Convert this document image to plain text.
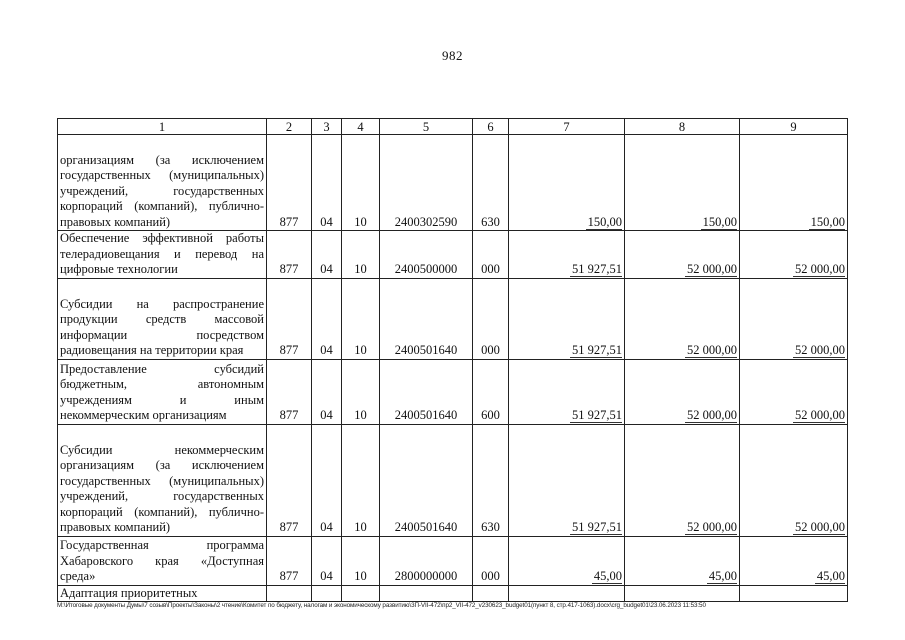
982
1	2	3	4	5	6	7	8	9
организациям (за исключением государственных (муниципальных) учреждений, государственных корпораций (компаний), публично-правовых компаний)	877	04	10	2400302590	630	150,00	150,00	150,00
Обеспечение эффективной работы телерадиовещания и перевод на цифровые технологии	877	04	10	2400500000	000	51 927,51	52 000,00	52 000,00
Субсидии на распространение продукции средств массовой информации посредством радиовещания на территории края	877	04	10	2400501640	000	51 927,51	52 000,00	52 000,00
Предоставление субсидий бюджетным, автономным учреждениям и иным некоммерческим организациям	877	04	10	2400501640	600	51 927,51	52 000,00	52 000,00
Субсидии некоммерческим организациям (за исключением государственных (муниципальных) учреждений, государственных корпораций (компаний), публично-правовых компаний)	877	04	10	2400501640	630	51 927,51	52 000,00	52 000,00
Государственная программа Хабаровского края «Доступная среда»	877	04	10	2800000000	000	45,00	45,00	45,00
Адаптация приоритетных								
M:\Итоговые документы Думы\7 созыв\Проекты\Законы\2 чтение\Комитет по бюджету, налогам и экономическому развитию\3П-VII-472\пр2_VII-472_v230623_budget01(пункт 8, стр.417-1063).docx\crg_budget01\23.06.2023 11:53:50
